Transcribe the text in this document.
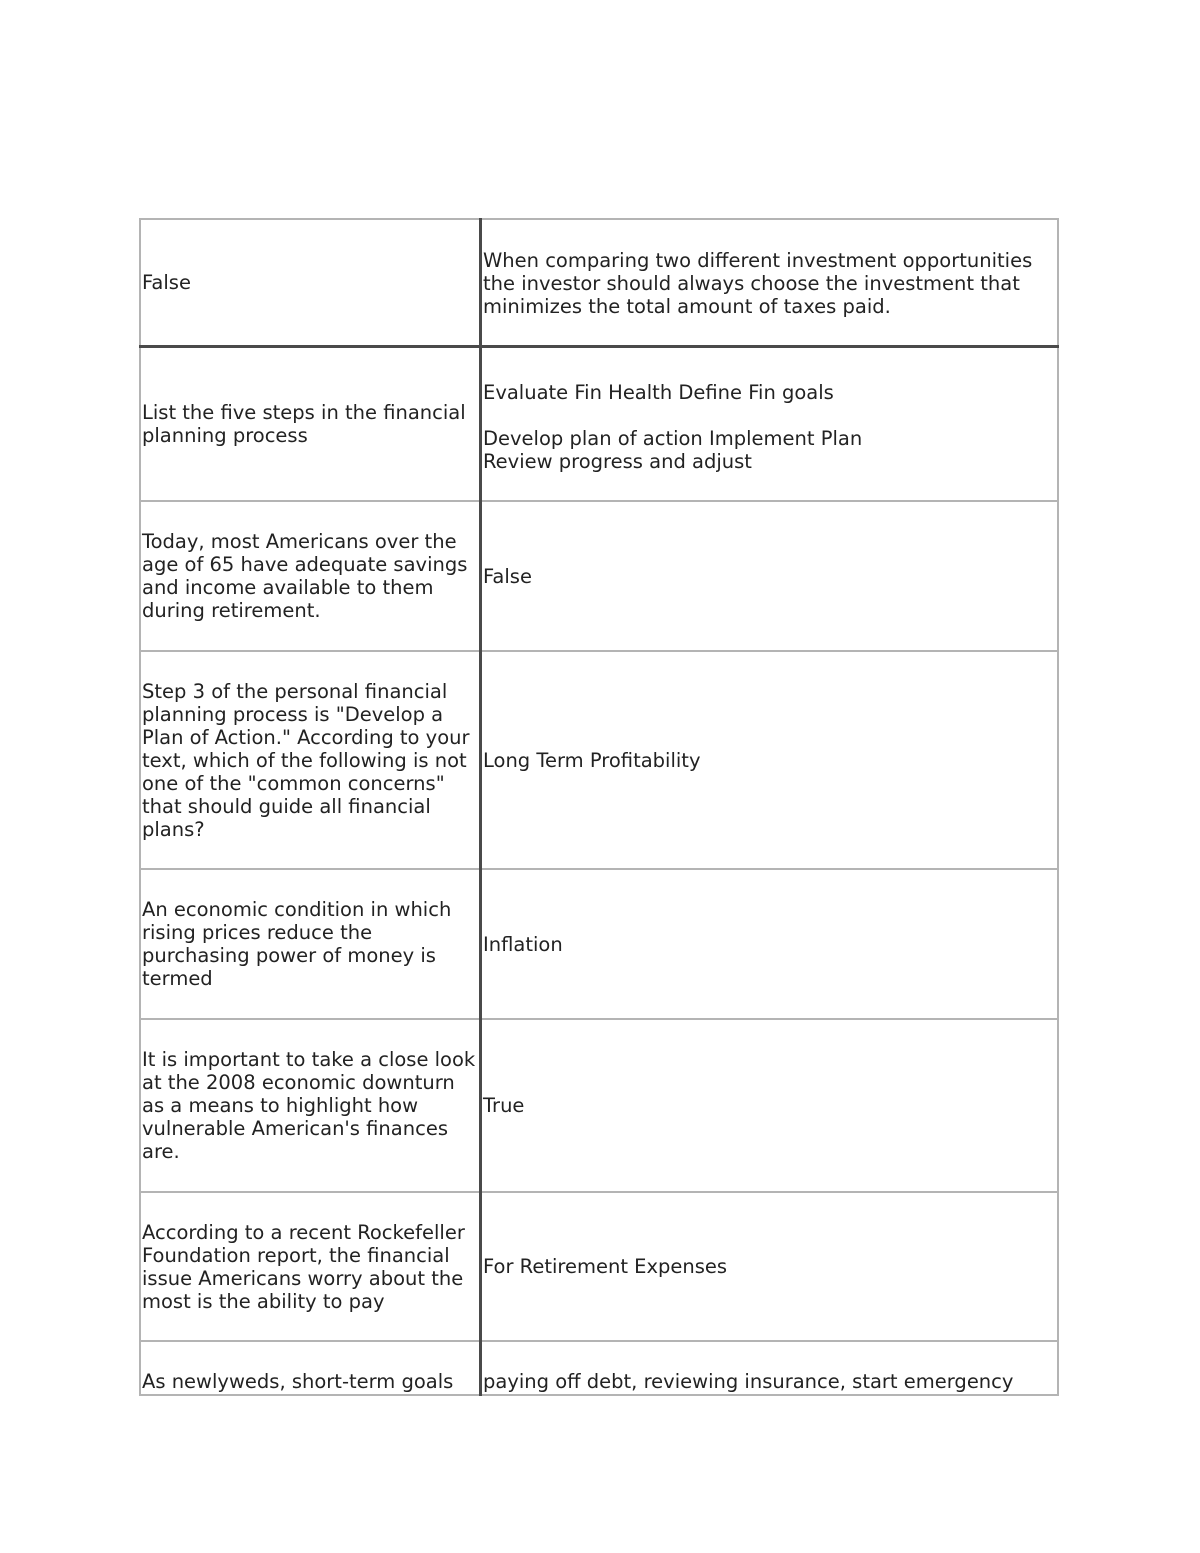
False	When comparing two different investment opportunities the investor should always choose the investment that minimizes the total amount of taxes paid.
List the five steps in the financial planning process	Evaluate Fin Health Define Fin goals

Develop plan of action Implement Plan
Review progress and adjust
Today, most Americans over the age of 65 have adequate savings and income available to them during retirement.	False
Step 3 of the personal financial planning process is "Develop a Plan of Action." According to your text, which of the following is not one of the "common concerns" that should guide all financial plans?	Long Term Profitability
An economic condition in which rising prices reduce the purchasing power of money is termed	Inflation
It is important to take a close look at the 2008 economic downturn as a means to highlight how vulnerable American's finances are.	True
According to a recent Rockefeller Foundation report, the financial issue Americans worry about the most is the ability to pay	For Retirement Expenses
As newlyweds, short-term goals	paying off debt, reviewing insurance, start emergency
